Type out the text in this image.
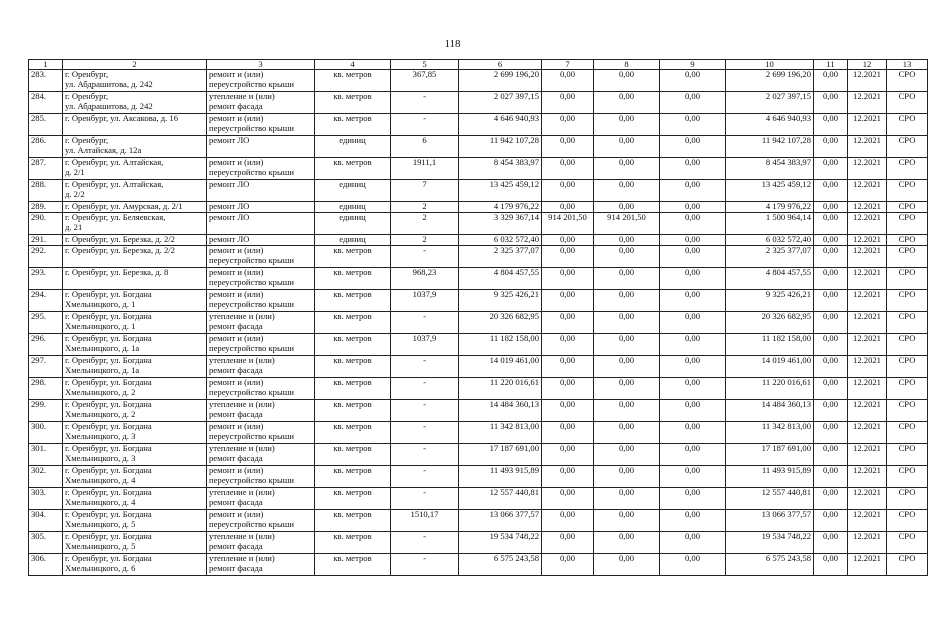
118
1	2	3	4	5	6	7	8	9	10	11	12	13
283.	г. Оренбург,
ул. Абдрашитова, д. 242	ремонт и (или)
переустройство крыши	кв. метров	367,85	2 699 196,20	0,00	0,00	0,00	2 699 196,20	0,00	12.2021	СРО
284.	г. Оренбург,
ул. Абдрашитова, д. 242	утепление и (или)
ремонт фасада	кв. метров	-	2 027 397,15	0,00	0,00	0,00	2 027 397,15	0,00	12.2021	СРО
285.	г. Оренбург, ул. Аксакова, д. 16	ремонт и (или)
переустройство крыши	кв. метров	-	4 646 940,93	0,00	0,00	0,00	4 646 940,93	0,00	12.2021	СРО
286.	г. Оренбург,
ул. Алтайская, д. 12а	ремонт ЛО	единиц	6	11 942 107,28	0,00	0,00	0,00	11 942 107,28	0,00	12.2021	СРО
287.	г. Оренбург, ул. Алтайская,
д. 2/1	ремонт и (или)
переустройство крыши	кв. метров	1911,1	8 454 383,97	0,00	0,00	0,00	8 454 383,97	0,00	12.2021	СРО
288.	г. Оренбург, ул. Алтайская,
д. 2/2	ремонт ЛО	единиц	7	13 425 459,12	0,00	0,00	0,00	13 425 459,12	0,00	12.2021	СРО
289.	г. Оренбург, ул. Амурская, д. 2/1	ремонт ЛО	единиц	2	4 179 976,22	0,00	0,00	0,00	4 179 976,22	0,00	12.2021	СРО
290.	г. Оренбург, ул. Беляевская,
д. 21	ремонт ЛО	единиц	2	3 329 367,14	914 201,50	914 201,50	0,00	1 500 964,14	0,00	12.2021	СРО
291.	г. Оренбург, ул. Березка, д. 2/2	ремонт ЛО	единиц	2	6 032 572,40	0,00	0,00	0,00	6 032 572,40	0,00	12.2021	СРО
292.	г. Оренбург, ул. Березка, д. 2/2	ремонт и (или)
переустройство крыши	кв. метров	-	2 325 377,07	0,00	0,00	0,00	2 325 377,07	0,00	12.2021	СРО
293.	г. Оренбург, ул. Березка, д. 8	ремонт и (или)
переустройство крыши	кв. метров	968,23	4 804 457,55	0,00	0,00	0,00	4 804 457,55	0,00	12.2021	СРО
294.	г. Оренбург, ул. Богдана
Хмельницкого, д. 1	ремонт и (или)
переустройство крыши	кв. метров	1037,9	9 325 426,21	0,00	0,00	0,00	9 325 426,21	0,00	12.2021	СРО
295.	г. Оренбург, ул. Богдана
Хмельницкого, д. 1	утепление и (или)
ремонт фасада	кв. метров	-	20 326 682,95	0,00	0,00	0,00	20 326 682,95	0,00	12.2021	СРО
296.	г. Оренбург, ул. Богдана
Хмельницкого, д. 1а	ремонт и (или)
переустройство крыши	кв. метров	1037,9	11 182 158,00	0,00	0,00	0,00	11 182 158,00	0,00	12.2021	СРО
297.	г. Оренбург, ул. Богдана
Хмельницкого, д. 1а	утепление и (или)
ремонт фасада	кв. метров	-	14 019 461,00	0,00	0,00	0,00	14 019 461,00	0,00	12.2021	СРО
298.	г. Оренбург, ул. Богдана
Хмельницкого, д. 2	ремонт и (или)
переустройство крыши	кв. метров	-	11 220 016,61	0,00	0,00	0,00	11 220 016,61	0,00	12.2021	СРО
299.	г. Оренбург, ул. Богдана
Хмельницкого, д. 2	утепление и (или)
ремонт фасада	кв. метров	-	14 484 360,13	0,00	0,00	0,00	14 484 360,13	0,00	12.2021	СРО
300.	г. Оренбург, ул. Богдана
Хмельницкого, д. 3	ремонт и (или)
переустройство крыши	кв. метров	-	11 342 813,00	0,00	0,00	0,00	11 342 813,00	0,00	12.2021	СРО
301.	г. Оренбург, ул. Богдана
Хмельницкого, д. 3	утепление и (или)
ремонт фасада	кв. метров	-	17 187 691,00	0,00	0,00	0,00	17 187 691,00	0,00	12.2021	СРО
302.	г. Оренбург, ул. Богдана
Хмельницкого, д. 4	ремонт и (или)
переустройство крыши	кв. метров	-	11 493 915,89	0,00	0,00	0,00	11 493 915,89	0,00	12.2021	СРО
303.	г. Оренбург, ул. Богдана
Хмельницкого, д. 4	утепление и (или)
ремонт фасада	кв. метров	-	12 557 440,81	0,00	0,00	0,00	12 557 440,81	0,00	12.2021	СРО
304.	г. Оренбург, ул. Богдана
Хмельницкого, д. 5	ремонт и (или)
переустройство крыши	кв. метров	1510,17	13 066 377,57	0,00	0,00	0,00	13 066 377,57	0,00	12.2021	СРО
305.	г. Оренбург, ул. Богдана
Хмельницкого, д. 5	утепление и (или)
ремонт фасада	кв. метров	-	19 534 748,22	0,00	0,00	0,00	19 534 748,22	0,00	12.2021	СРО
306.	г. Оренбург, ул. Богдана
Хмельницкого, д. 6	утепление и (или)
ремонт фасада	кв. метров	-	6 575 243,58	0,00	0,00	0,00	6 575 243,58	0,00	12.2021	СРО
